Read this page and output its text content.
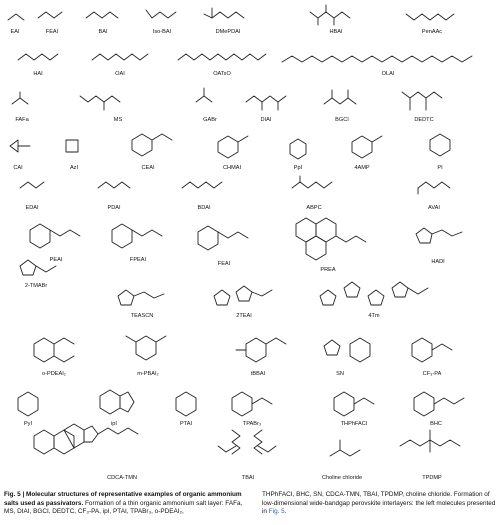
EAI	FEAI	BAI	Iso-BAI	DMePDAI	HBAI	PenAAc
HAI	OAI	OATsO	OLAI
FAFa	MS	GABr	DIAI	BGCI	DEDTC
CAI	AzI	CEAI	CHMAI	PpI	4AMP	PI
EDAI	PDAI	BDAI	ABPC	AVAI
PEAI	FPEAI
FEAI
PREA
HADI
2-TMABr
TEASCN	2TEAI	4Tm
o-PDEAI₂	m-PBAI₂	tBBAI	SN	CF₃-PA
PyI	ipI	PTAI	TPABr₃	THPhFACI	BHC
CDCA-TMN	TBAI	Choline chloride	TPDMP
Fig. 5 | Molecular structures of representative examples of organic ammonium salts used as passivators. Formation of a thin organic ammonium salt layer: FAFa, MS, DIAI, BGCI, DEDTC, CF₃-PA, ipI, PTAI, TPABr₃, o-PDEAI₂,
THPhFACI, BHC, SN, CDCA-TMN, TBAI, TPDMP, choline chloride. Formation of low-dimensional wide-bandgap perovskite interlayers: the left molecules presented in Fig. 5.
